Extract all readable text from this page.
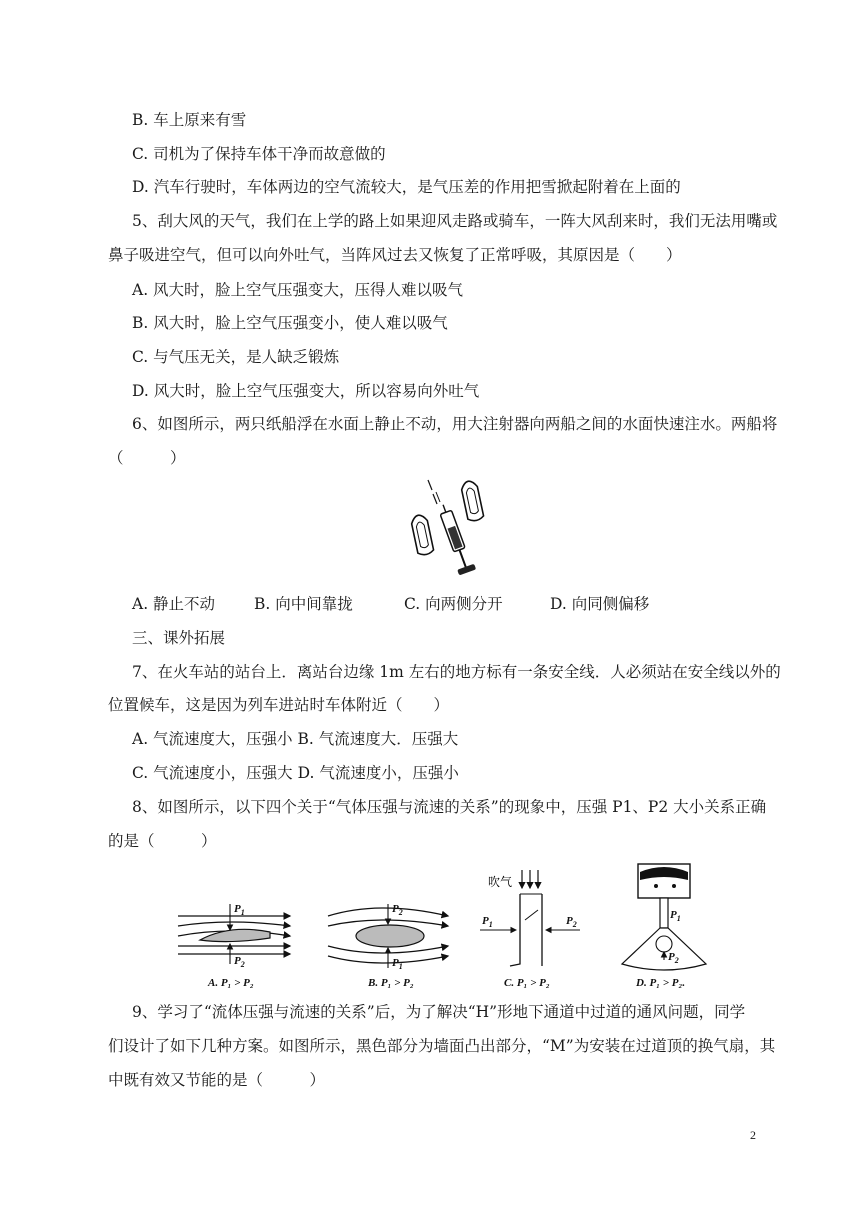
B. 车上原来有雪
C. 司机为了保持车体干净而故意做的
D. 汽车行驶时，车体两边的空气流较大，是气压差的作用把雪掀起附着在上面的
5、刮大风的天气，我们在上学的路上如果迎风走路或骑车，一阵大风刮来时，我们无法用嘴或
鼻子吸进空气，但可以向外吐气，当阵风过去又恢复了正常呼吸，其原因是（　　）
A. 风大时，脸上空气压强变大，压得人难以吸气
B. 风大时，脸上空气压强变小，使人难以吸气
C. 与气压无关，是人缺乏锻炼
D. 风大时，脸上空气压强变大，所以容易向外吐气
6、如图所示，两只纸船浮在水面上静止不动，用大注射器向两船之间的水面快速注水。两船将
（　　　）
A. 静止不动	B. 向中间靠拢	C. 向两侧分开	D. 向同侧偏移
三、课外拓展
7、在火车站的站台上．离站台边缘 1m 左右的地方标有一条安全线．人必须站在安全线以外的
位置候车，这是因为列车进站时车体附近（　　）
A. 气流速度大，压强小 B. 气流速度大．压强大
C. 气流速度小，压强大 D. 气流速度小，压强小
8、如图所示，以下四个关于“气体压强与流速的关系”的现象中，压强 P1、P2 大小关系正确
的是（　　　）
$P_1$
$P_2$
A. P₁ > P₂
$P_2$
$P_1$
B. P₁ > P₂
吹气
$P_1$	$P_2$
C. P₁ > P₂
$P_1$
$P_2$
D. P₁ > P₂.
9、学习了“流体压强与流速的关系”后，为了解决“H”形地下通道中过道的通风问题，同学
们设计了如下几种方案。如图所示，黑色部分为墙面凸出部分，“M”为安装在过道顶的换气扇，其
中既有效又节能的是（　　　）
2
